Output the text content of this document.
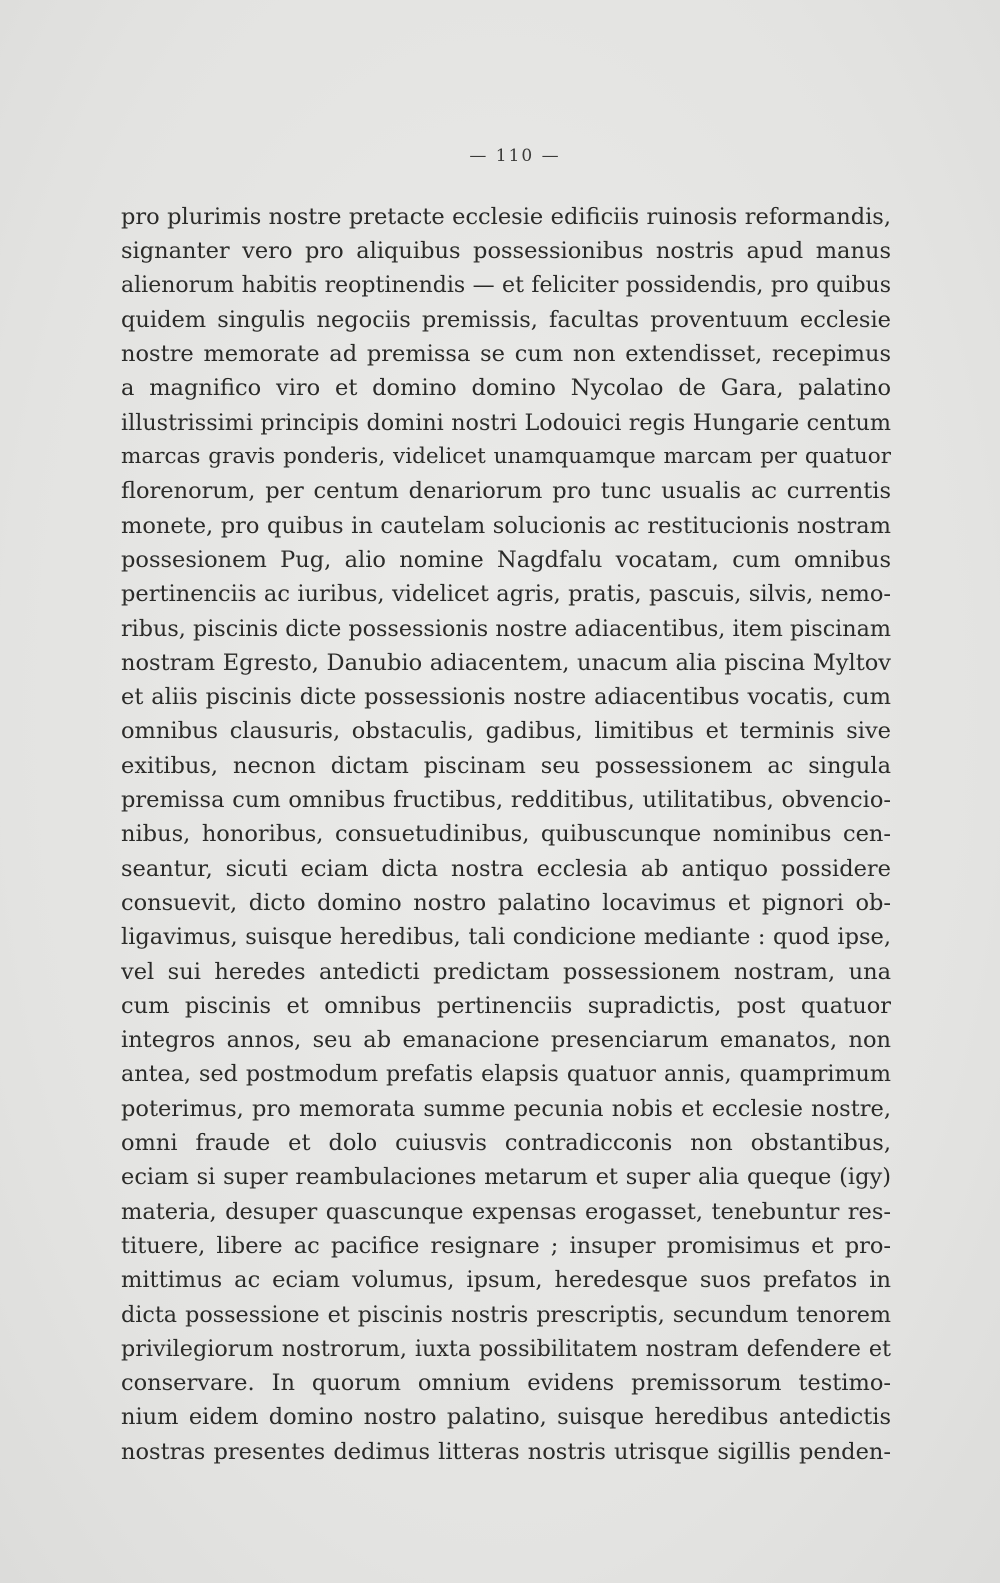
— 110 —
pro plurimis nostre pretacte ecclesie edificiis ruinosis reformandis,
signanter vero pro aliquibus possessionibus nostris apud manus
alienorum habitis reoptinendis — et feliciter possidendis, pro quibus
quidem singulis negociis premissis, facultas proventuum ecclesie
nostre memorate ad premissa se cum non extendisset, recepimus
a magnifico viro et domino domino Nycolao de Gara, palatino
illustrissimi principis domini nostri Lodouici regis Hungarie centum
marcas gravis ponderis, videlicet unamquamque marcam per quatuor
florenorum, per centum denariorum pro tunc usualis ac currentis
monete, pro quibus in cautelam solucionis ac restitucionis nostram
possesionem Pug, alio nomine Nagdfalu vocatam, cum omnibus
pertinenciis ac iuribus, videlicet agris, pratis, pascuis, silvis, nemo-
ribus, piscinis dicte possessionis nostre adiacentibus, item piscinam
nostram Egresto, Danubio adiacentem, unacum alia piscina Myltov
et aliis piscinis dicte possessionis nostre adiacentibus vocatis, cum
omnibus clausuris, obstaculis, gadibus, limitibus et terminis sive
exitibus, necnon dictam piscinam seu possessionem ac singula
premissa cum omnibus fructibus, redditibus, utilitatibus, obvencio-
nibus, honoribus, consuetudinibus, quibuscunque nominibus cen-
seantur, sicuti eciam dicta nostra ecclesia ab antiquo possidere
consuevit, dicto domino nostro palatino locavimus et pignori ob-
ligavimus, suisque heredibus, tali condicione mediante : quod ipse,
vel sui heredes antedicti predictam possessionem nostram, una
cum piscinis et omnibus pertinenciis supradictis, post quatuor
integros annos, seu ab emanacione presenciarum emanatos, non
antea, sed postmodum prefatis elapsis quatuor annis, quamprimum
poterimus, pro memorata summe pecunia nobis et ecclesie nostre,
omni fraude et dolo cuiusvis contradicconis non obstantibus,
eciam si super reambulaciones metarum et super alia queque (igy)
materia, desuper quascunque expensas erogasset, tenebuntur res-
tituere, libere ac pacifice resignare ; insuper promisimus et pro-
mittimus ac eciam volumus, ipsum, heredesque suos prefatos in
dicta possessione et piscinis nostris prescriptis, secundum tenorem
privilegiorum nostrorum, iuxta possibilitatem nostram defendere et
conservare. In quorum omnium evidens premissorum testimo-
nium eidem domino nostro palatino, suisque heredibus antedictis
nostras presentes dedimus litteras nostris utrisque sigillis penden-
